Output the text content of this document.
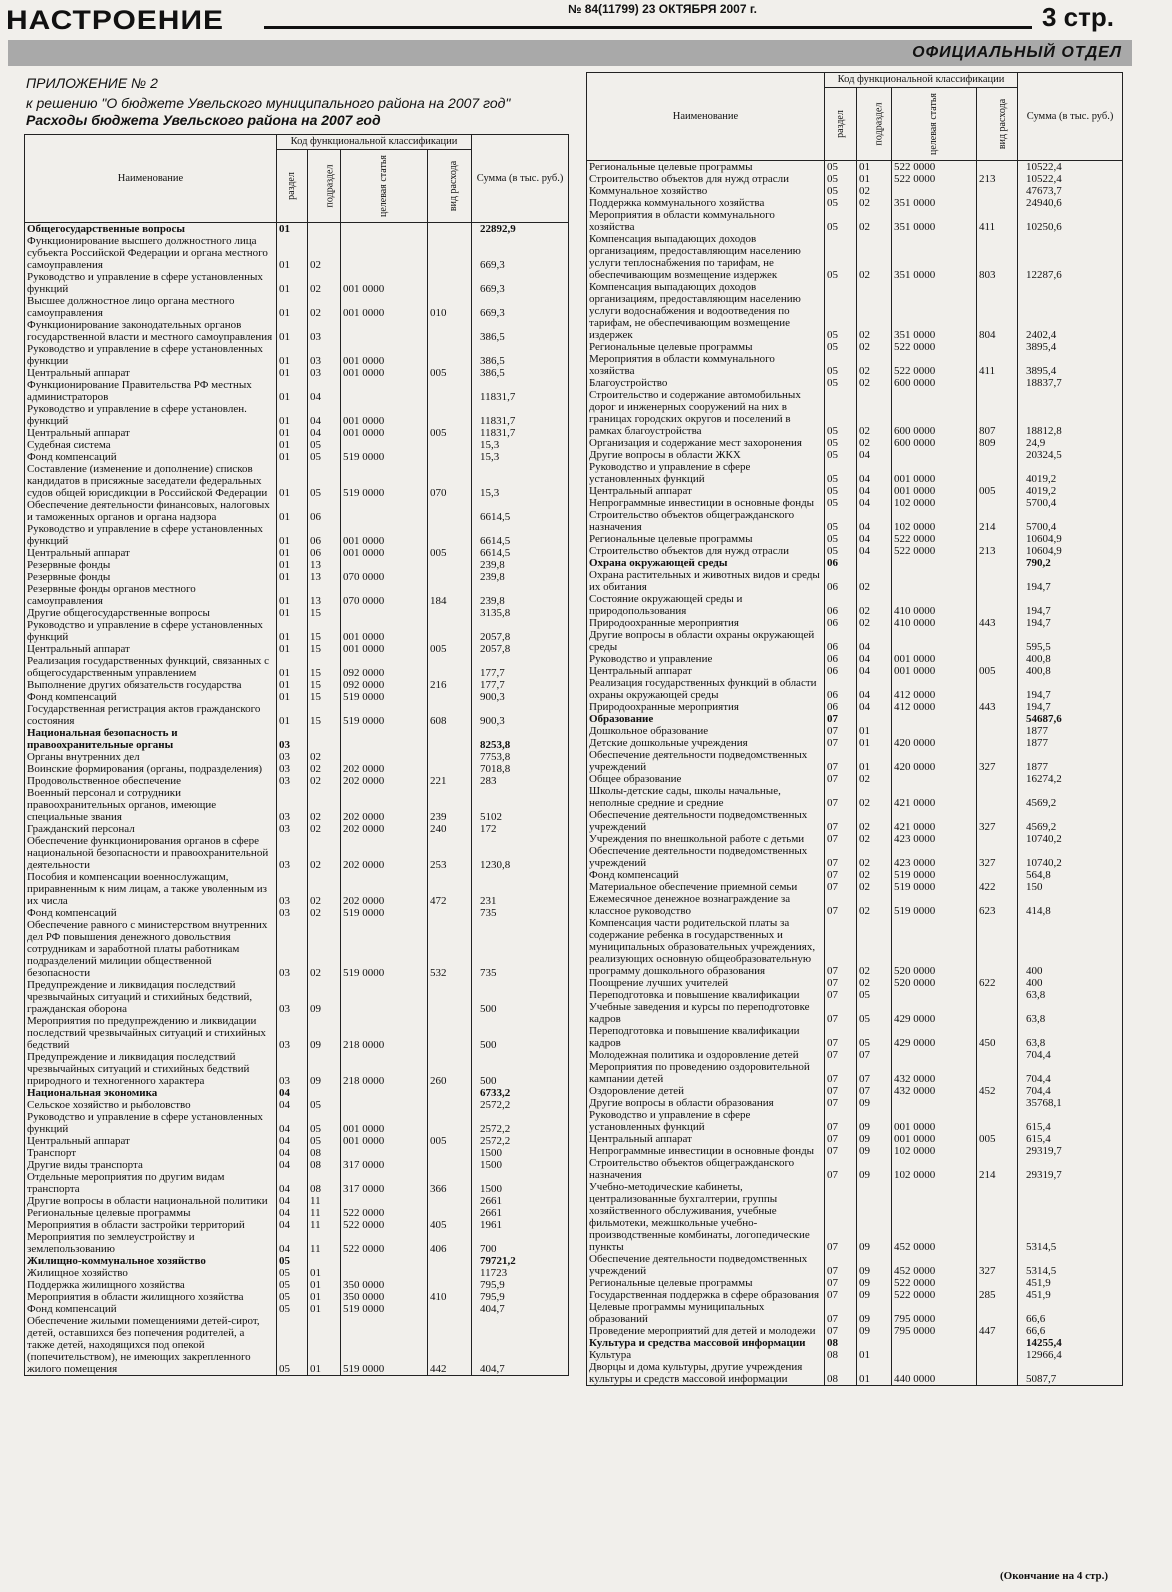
НАСТРОЕНИЕ	№ 84(11799) 23 ОКТЯБРЯ 2007 г.	3 стр.
ОФИЦИАЛЬНЫЙ ОТДЕЛ
ПРИЛОЖЕНИЕ № 2
к решению "О бюджете Увельского муниципального района на 2007 год"
Расходы бюджета Увельского района на 2007 год
Наименование	Код функциональной классификации				Сумма (в тыс. руб.)
	раздел	подраздел	целевая статья	вид расхода	
Общегосударственные вопросы	01				22892,9
Функционирование высшего должностного лица субъекта Российской Федерации и органа местного самоуправления	01	02			669,3
Руководство и управление в сфере установленных функций	01	02	001 0000		669,3
Высшее должностное лицо органа местного самоуправления	01	02	001 0000	010	669,3
Функционирование законодательных органов государственной власти и местного самоуправления	01	03			386,5
Руководство и управление в сфере установленных функции	01	03	001 0000		386,5
Центральный аппарат	01	03	001 0000	005	386,5
Функционирование Правительства РФ местных администраторов	01	04			11831,7
Руководство и управление в сфере установлен. функций	01	04	001 0000		11831,7
Центральный аппарат	01	04	001 0000	005	11831,7
Судебная система	01	05			15,3
Фонд компенсаций	01	05	519 0000		15,3
Составление (изменение и дополнение) списков кандидатов в присяжные заседатели федеральных судов общей юрисдикции в Российской Федерации	01	05	519 0000	070	15,3
Обеспечение деятельности финансовых, налоговых и таможенных органов и органа надзора	01	06			6614,5
Руководство и управление в сфере установленных функций	01	06	001 0000		6614,5
Центральный аппарат	01	06	001 0000	005	6614,5
Резервные фонды	01	13			239,8
Резервные фонды	01	13	070 0000		239,8
Резервные фонды органов местного самоуправления	01	13	070 0000	184	239,8
Другие общегосударственные вопросы	01	15			3135,8
Руководство и управление в сфере установленных функций	01	15	001 0000		2057,8
Центральный аппарат	01	15	001 0000	005	2057,8
Реализация государственных функций, связанных с общегосударственным управлением	01	15	092 0000		177,7
Выполнение других обязательств государства	01	15	092 0000	216	177,7
Фонд компенсаций	01	15	519 0000		900,3
Государственная регистрация актов гражданского состояния	01	15	519 0000	608	900,3
Национальная безопасность и правоохранительные органы	03				8253,8
Органы внутренних дел	03	02			7753,8
Воинские формирования (органы, подразделения)	03	02	202 0000		7018,8
Продовольственное обеспечение	03	02	202 0000	221	283
Военный персонал и сотрудники правоохранительных органов, имеющие специальные звания	03	02	202 0000	239	5102
Гражданский персонал	03	02	202 0000	240	172
Обеспечение функционирования органов в сфере национальной безопасности и правоохранительной деятельности	03	02	202 0000	253	1230,8
Пособия и компенсации военнослужащим, приравненным к ним лицам, а также уволенным из их числа	03	02	202 0000	472	231
Фонд компенсаций	03	02	519 0000		735
Обеспечение равного с министерством внутренних дел РФ повышения денежного довольствия сотрудникам и заработной платы работникам подразделений милиции общественной безопасности	03	02	519 0000	532	735
Предупреждение и ликвидация последствий чрезвычайных ситуаций и стихийных бедствий, гражданская оборона	03	09			500
Мероприятия по предупреждению и ликвидации последствий чрезвычайных ситуаций и стихийных бедствий	03	09	218 0000		500
Предупреждение и ликвидация последствий чрезвычайных ситуаций и стихийных бедствий природного и техногенного характера	03	09	218 0000	260	500
Национальная экономика	04				6733,2
Сельское хозяйство и рыболовство	04	05			2572,2
Руководство и управление в сфере установленных функций	04	05	001 0000		2572,2
Центральный аппарат	04	05	001 0000	005	2572,2
Транспорт	04	08			1500
Другие виды транспорта	04	08	317 0000		1500
Отдельные мероприятия по другим видам транспорта	04	08	317 0000	366	1500
Другие вопросы в области национальной политики	04	11			2661
Региональные целевые программы	04	11	522 0000		2661
Мероприятия в области застройки территорий	04	11	522 0000	405	1961
Мероприятия по землеустройству и землепользованию	04	11	522 0000	406	700
Жилищно-коммунальное хозяйство	05				79721,2
Жилищное хозяйство	05	01			11723
Поддержка жилищного хозяйства	05	01	350 0000		795,9
Мероприятия в области жилищного хозяйства	05	01	350 0000	410	795,9
Фонд компенсаций	05	01	519 0000		404,7
Обеспечение жилыми помещениями детей-сирот, детей, оставшихся без попечения родителей, а также детей, находящихся под опекой (попечительством), не имеющих закрепленного жилого помещения	05	01	519 0000	442	404,7
Наименование	Код функциональной классификации				Сумма (в тыс. руб.)
	раздел	подраздел	целевая статья	вид расхода	
Региональные целевые программы	05	01	522 0000		10522,4
Строительство объектов для нужд отрасли	05	01	522 0000	213	10522,4
Коммунальное хозяйство	05	02			47673,7
Поддержка коммунального хозяйства	05	02	351 0000		24940,6
Мероприятия в области коммунального хозяйства	05	02	351 0000	411	10250,6
Компенсация выпадающих доходов организациям, предоставляющим населению услуги теплоснабжения по тарифам, не обеспечивающим возмещение издержек	05	02	351 0000	803	12287,6
Компенсация выпадающих доходов организациям, предоставляющим населению услуги водоснабжения и водоотведения по тарифам, не обеспечивающим возмещение издержек	05	02	351 0000	804	2402,4
Региональные целевые программы	05	02	522 0000		3895,4
Мероприятия в области коммунального хозяйства	05	02	522 0000	411	3895,4
Благоустройство	05	02	600 0000		18837,7
Строительство и содержание автомобильных дорог и инженерных сооружений на них в границах городских округов и поселений в рамках благоустройства	05	02	600 0000	807	18812,8
Организация и содержание мест захоронения	05	02	600 0000	809	24,9
Другие вопросы в области ЖКХ	05	04			20324,5
Руководство и управление в сфере установленных функций	05	04	001 0000		4019,2
Центральный аппарат	05	04	001 0000	005	4019,2
Непрограммные инвестиции в основные фонды	05	04	102 0000		5700,4
Строительство объектов общегражданского назначения	05	04	102 0000	214	5700,4
Региональные целевые программы	05	04	522 0000		10604,9
Строительство объектов для нужд отрасли	05	04	522 0000	213	10604,9
Охрана окружающей среды	06				790,2
Охрана растительных и животных видов и среды их обитания	06	02			194,7
Состояние окружающей среды и природопользования	06	02	410 0000		194,7
Природоохранные мероприятия	06	02	410 0000	443	194,7
Другие вопросы в области охраны окружающей среды	06	04			595,5
Руководство и управление	06	04	001 0000		400,8
Центральный аппарат	06	04	001 0000	005	400,8
Реализация государственных функций в области охраны окружающей среды	06	04	412 0000		194,7
Природоохранные мероприятия	06	04	412 0000	443	194,7
Образование	07				54687,6
Дошкольное образование	07	01			1877
Детские дошкольные учреждения	07	01	420 0000		1877
Обеспечение деятельности подведомственных учреждений	07	01	420 0000	327	1877
Общее образование	07	02			16274,2
Школы-детские сады, школы начальные, неполные средние и средние	07	02	421 0000		4569,2
Обеспечение деятельности подведомственных учреждений	07	02	421 0000	327	4569,2
Учреждения по внешкольной работе с детьми	07	02	423 0000		10740,2
Обеспечение деятельности подведомственных учреждений	07	02	423 0000	327	10740,2
Фонд компенсаций	07	02	519 0000		564,8
Материальное обеспечение приемной семьи	07	02	519 0000	422	150
Ежемесячное денежное вознаграждение за классное руководство	07	02	519 0000	623	414,8
Компенсация части родительской платы за содержание ребенка в государственных и муниципальных образовательных учреждениях, реализующих основную общеобразовательную программу дошкольного образования	07	02	520 0000		400
Поощрение лучших учителей	07	02	520 0000	622	400
Переподготовка и повышение квалификации	07	05			63,8
Учебные заведения и курсы по переподготовке кадров	07	05	429 0000		63,8
Переподготовка и повышение квалификации кадров	07	05	429 0000	450	63,8
Молодежная политика и оздоровление детей	07	07			704,4
Мероприятия по проведению оздоровительной кампании детей	07	07	432 0000		704,4
Оздоровление детей	07	07	432 0000	452	704,4
Другие вопросы в области образования	07	09			35768,1
Руководство и управление в сфере установленных функций	07	09	001 0000		615,4
Центральный аппарат	07	09	001 0000	005	615,4
Непрограммные инвестиции в основные фонды	07	09	102 0000		29319,7
Строительство объектов общегражданского назначения	07	09	102 0000	214	29319,7
Учебно-методические кабинеты, централизованные бухгалтерии, группы хозяйственного обслуживания, учебные фильмотеки, межшкольные учебно-производственные комбинаты, логопедические пункты	07	09	452 0000		5314,5
Обеспечение деятельности подведомственных учреждений	07	09	452 0000	327	5314,5
Региональные целевые программы	07	09	522 0000		451,9
Государственная поддержка в сфере образования	07	09	522 0000	285	451,9
Целевые программы муниципальных образований	07	09	795 0000		66,6
Проведение мероприятий для детей и молодежи	07	09	795 0000	447	66,6
Культура и средства массовой информации	08				14255,4
Культура	08	01			12966,4
Дворцы и дома культуры, другие учреждения культуры и средств массовой информации	08	01	440 0000		5087,7
(Окончание на 4 стр.)
